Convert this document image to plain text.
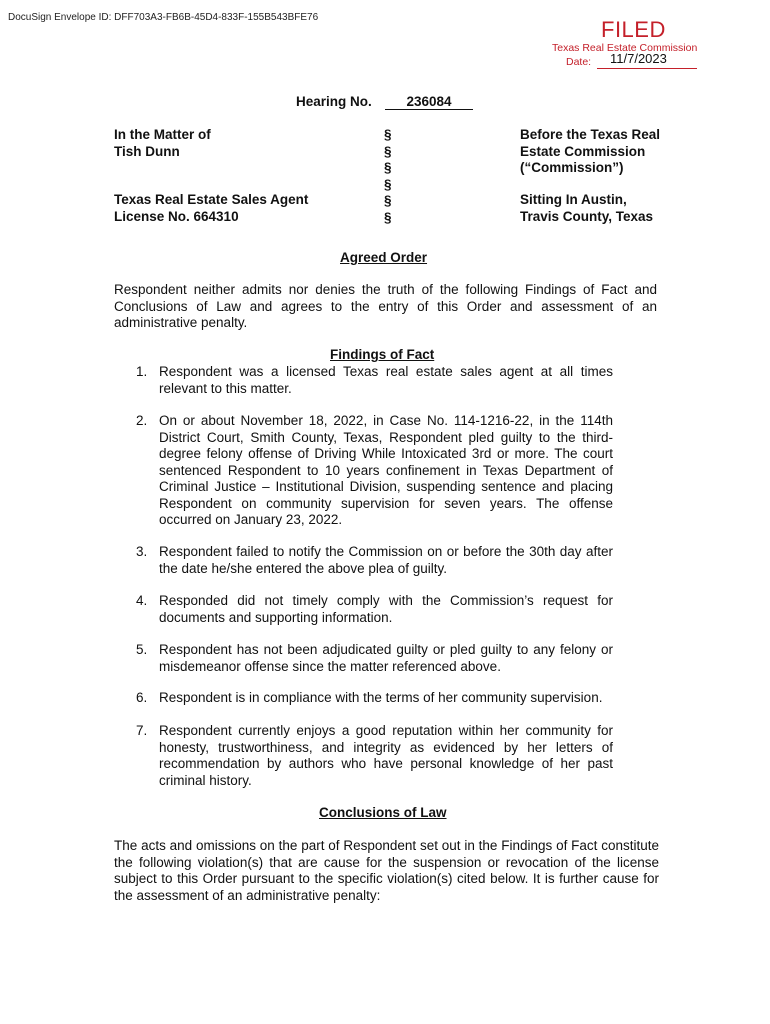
DocuSign Envelope ID: DFF703A3-FB6B-45D4-833F-155B543BFE76	FILED
Texas Real Estate Commission
Date: 11/7/2023
Hearing No.	236084
In the Matter of
Tish Dunn
Texas Real Estate Sales Agent
License No. 664310
§
§
§
§
§
§
Before the Texas Real
Estate Commission
(“Commission”)
Sitting In Austin,
Travis County, Texas
Agreed Order
Respondent neither admits nor denies the truth of the following Findings of Fact and Conclusions of Law and agrees to the entry of this Order and assessment of an administrative penalty.
Findings of Fact
1. Respondent was a licensed Texas real estate sales agent at all times relevant to this matter.
2. On or about November 18, 2022, in Case No. 114-1216-22, in the 114th District Court, Smith County, Texas, Respondent pled guilty to the third-degree felony offense of Driving While Intoxicated 3rd or more. The court sentenced Respondent to 10 years confinement in Texas Department of Criminal Justice – Institutional Division, suspending sentence and placing Respondent on community supervision for seven years. The offense occurred on January 23, 2022.
3. Respondent failed to notify the Commission on or before the 30th day after the date he/she entered the above plea of guilty.
4. Responded did not timely comply with the Commission’s request for documents and supporting information.
5. Respondent has not been adjudicated guilty or pled guilty to any felony or misdemeanor offense since the matter referenced above.
6. Respondent is in compliance with the terms of her community supervision.
7. Respondent currently enjoys a good reputation within her community for honesty, trustworthiness, and integrity as evidenced by her letters of recommendation by authors who have personal knowledge of her past criminal history.
Conclusions of Law
The acts and omissions on the part of Respondent set out in the Findings of Fact constitute the following violation(s) that are cause for the suspension or revocation of the license subject to this Order pursuant to the specific violation(s) cited below. It is further cause for the assessment of an administrative penalty:
